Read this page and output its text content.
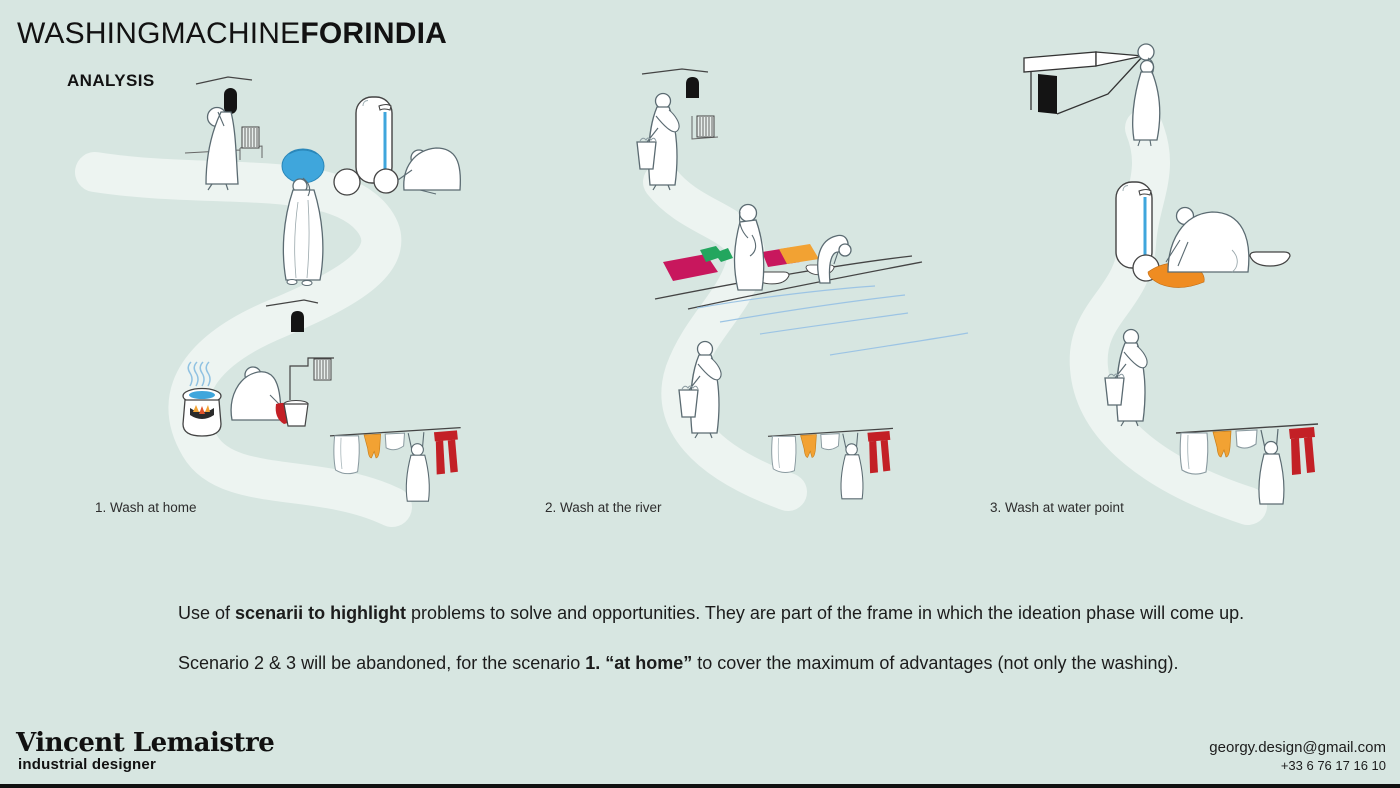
WASHINGMACHINEFORINDIA
ANALYSIS
1. Wash at home	2. Wash at the river	3. Wash at water point

Use of scenarii to highlight problems to solve and opportunities. They are part of the frame in which the ideation phase will come up.

Scenario 2 & 3 will be abandoned, for the scenario 1. “at home” to cover the maximum of advantages (not only the washing).

Vincent Lemaistre
industrial designer
georgy.design@gmail.com
+33 6 76 17 16 10
